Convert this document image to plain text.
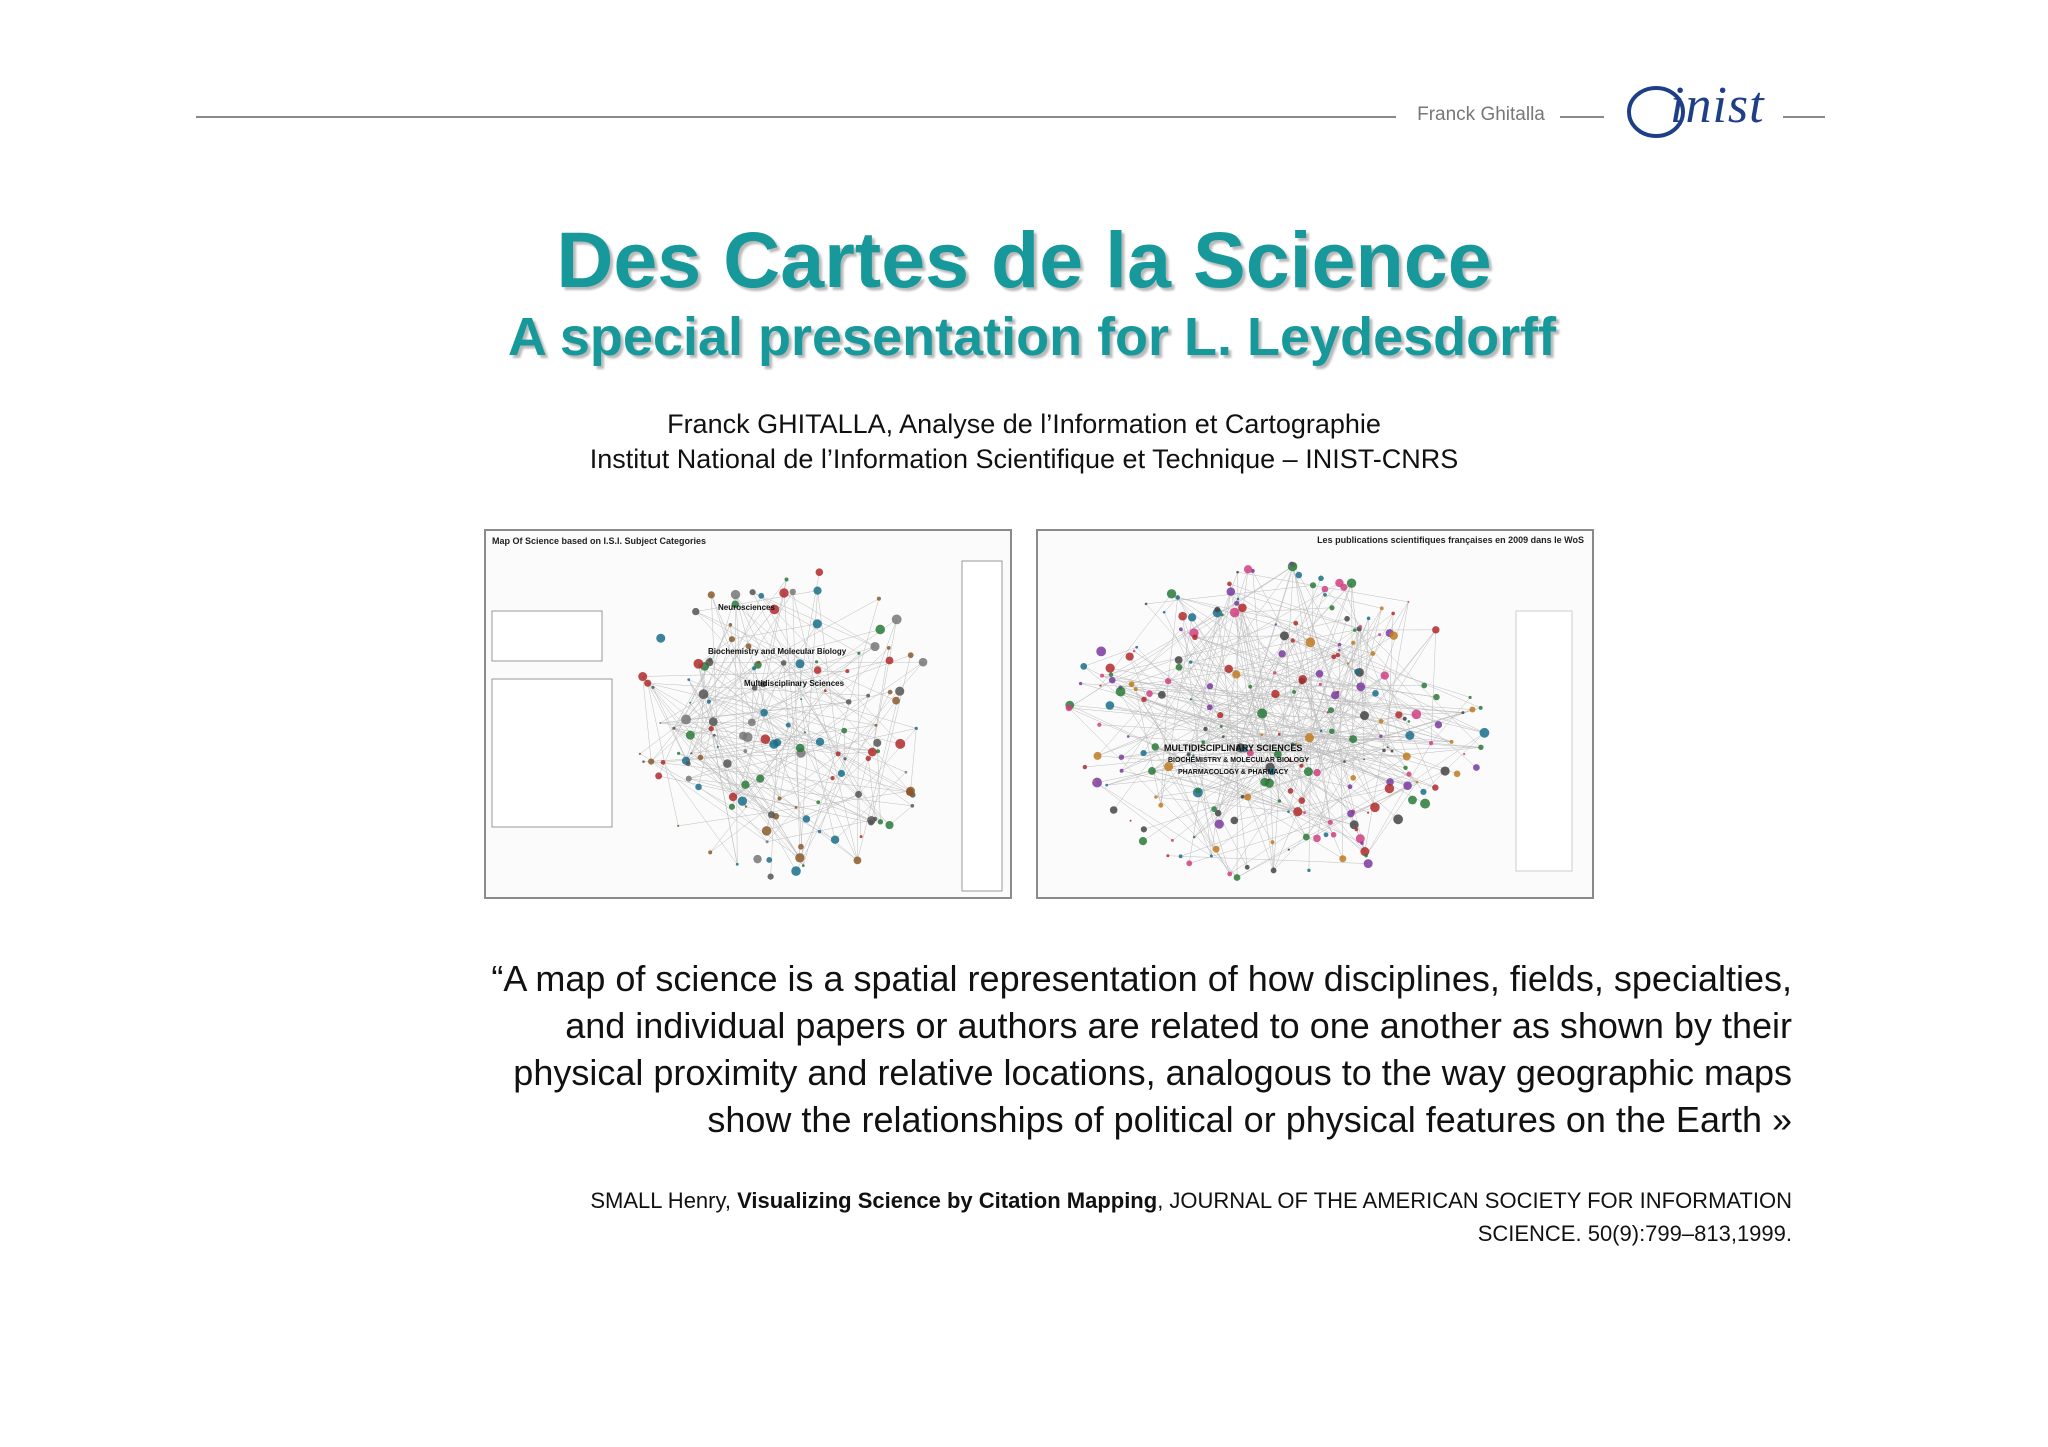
Franck Ghitalla inist
Des Cartes de la Science
A special presentation for L. Leydesdorff
Franck GHITALLA, Analyse de l’Information et Cartographie
Institut National de l’Information Scientifique et Technique – INIST-CNRS
Map Of Science based on I.S.I. Subject Categories
Neurosciences
Biochemistry and Molecular Biology
Multidisciplinary Sciences
Les publications scientifiques françaises en 2009 dans le WoS
MULTIDISCIPLINARY SCIENCES
BIOCHEMISTRY & MOLECULAR BIOLOGY
PHARMACOLOGY & PHARMACY
“A map of science is a spatial representation of how disciplines, fields, specialties,
and individual papers or authors are related to one another as shown by their
physical proximity and relative locations, analogous to the way geographic maps
show the relationships of political or physical features on the Earth »
SMALL Henry, Visualizing Science by Citation Mapping, JOURNAL OF THE AMERICAN SOCIETY FOR INFORMATION
SCIENCE. 50(9):799–813,1999.
